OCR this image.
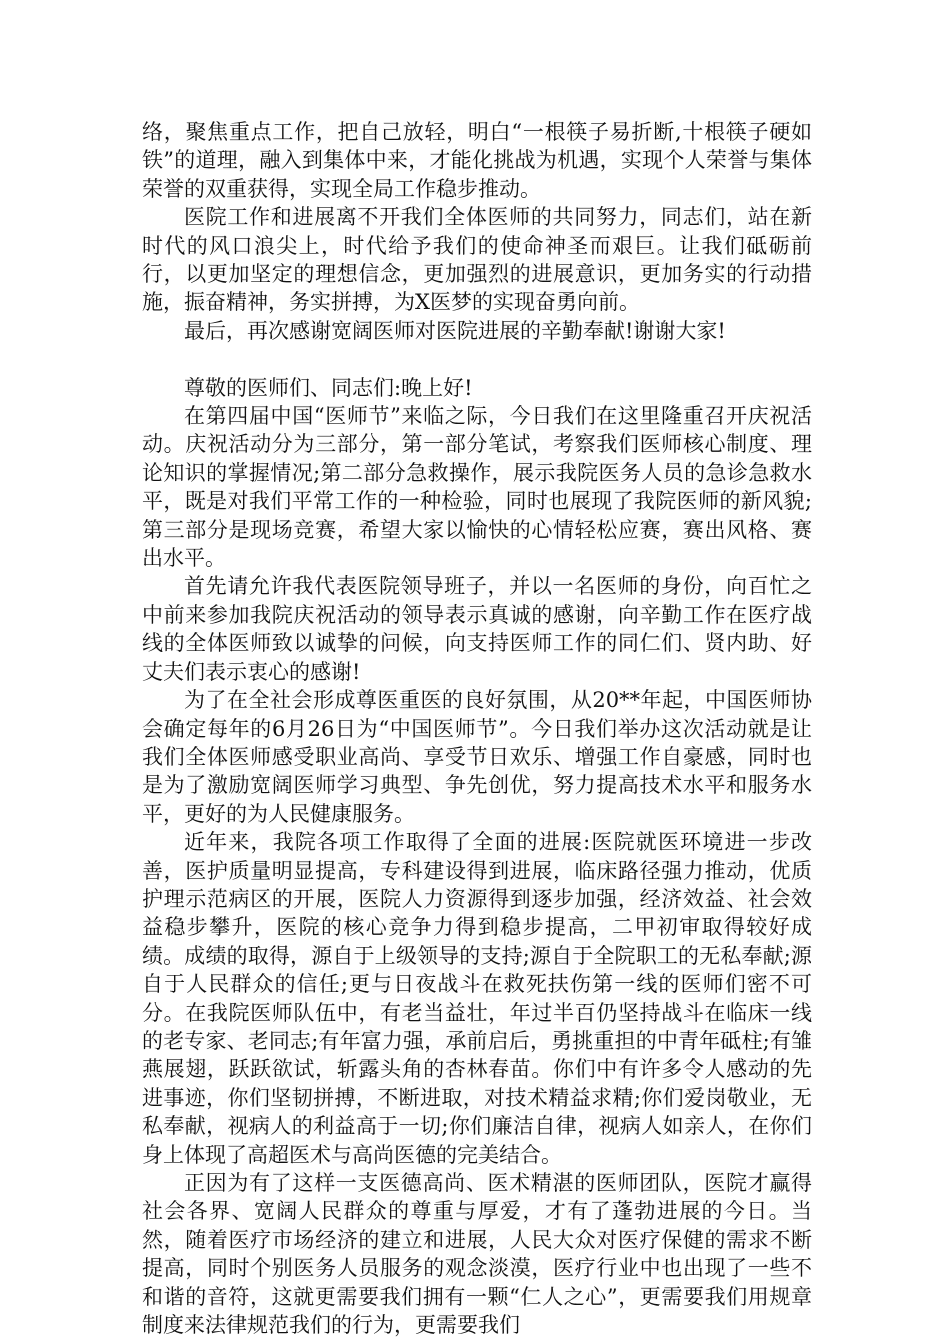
络，聚焦重点工作，把自己放轻，明白“一根筷子易折断,十根筷子硬如铁”的道理，融入到集体中来，才能化挑战为机遇，实现个人荣誉与集体荣誉的双重获得，实现全局工作稳步推动。

医院工作和进展离不开我们全体医师的共同努力，同志们，站在新时代的风口浪尖上，时代给予我们的使命神圣而艰巨。让我们砥砺前行，以更加坚定的理想信念，更加强烈的进展意识，更加务实的行动措施，振奋精神，务实拼搏，为X医梦的实现奋勇向前。

最后，再次感谢宽阔医师对医院进展的辛勤奉献!谢谢大家!

尊敬的医师们、同志们:晚上好!

在第四届中国“医师节”来临之际，今日我们在这里隆重召开庆祝活动。庆祝活动分为三部分，第一部分笔试，考察我们医师核心制度、理论知识的掌握情况;第二部分急救操作，展示我院医务人员的急诊急救水平，既是对我们平常工作的一种检验，同时也展现了我院医师的新风貌;第三部分是现场竞赛，希望大家以愉快的心情轻松应赛，赛出风格、赛出水平。

首先请允许我代表医院领导班子，并以一名医师的身份，向百忙之中前来参加我院庆祝活动的领导表示真诚的感谢，向辛勤工作在医疗战线的全体医师致以诚挚的问候，向支持医师工作的同仁们、贤内助、好丈夫们表示衷心的感谢!

为了在全社会形成尊医重医的良好氛围，从20**年起，中国医师协会确定每年的6月26日为“中国医师节”。今日我们举办这次活动就是让我们全体医师感受职业高尚、享受节日欢乐、增强工作自豪感，同时也是为了激励宽阔医师学习典型、争先创优，努力提高技术水平和服务水平，更好的为人民健康服务。

近年来，我院各项工作取得了全面的进展:医院就医环境进一步改善，医护质量明显提高，专科建设得到进展，临床路径强力推动，优质护理示范病区的开展，医院人力资源得到逐步加强，经济效益、社会效益稳步攀升，医院的核心竞争力得到稳步提高，二甲初审取得较好成绩。成绩的取得，源自于上级领导的支持;源自于全院职工的无私奉献;源自于人民群众的信任;更与日夜战斗在救死扶伤第一线的医师们密不可分。在我院医师队伍中，有老当益壮，年过半百仍坚持战斗在临床一线的老专家、老同志;有年富力强，承前启后，勇挑重担的中青年砥柱;有雏燕展翅，跃跃欲试，斩露头角的杏林春苗。你们中有许多令人感动的先进事迹，你们坚韧拼搏，不断进取，对技术精益求精;你们爱岗敬业，无私奉献，视病人的利益高于一切;你们廉洁自律，视病人如亲人，在你们身上体现了高超医术与高尚医德的完美结合。

正因为有了这样一支医德高尚、医术精湛的医师团队，医院才赢得社会各界、宽阔人民群众的尊重与厚爱，才有了蓬勃进展的今日。当然，随着医疗市场经济的建立和进展，人民大众对医疗保健的需求不断提高，同时个别医务人员服务的观念淡漠，医疗行业中也出现了一些不和谐的音符，这就更需要我们拥有一颗“仁人之心”，更需要我们用规章制度来法律规范我们的行为，更需要我们
